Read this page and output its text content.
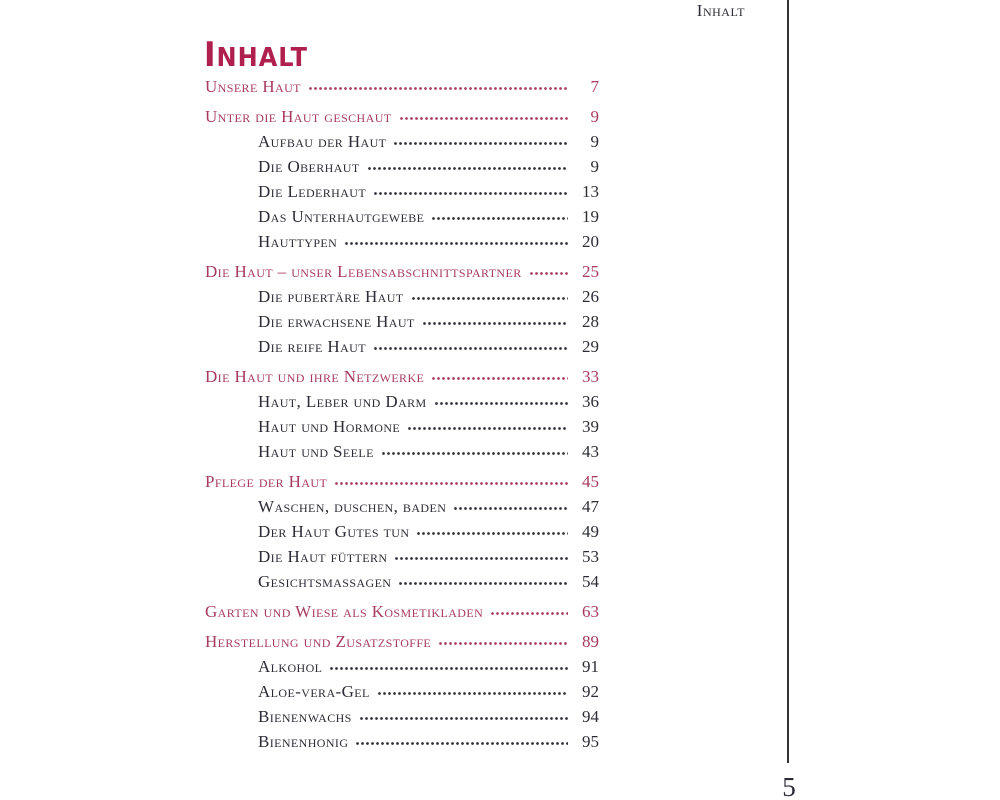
Inhalt
INHALT
Unsere Haut	7
Unter die Haut geschaut	9
Aufbau der Haut	9
Die Oberhaut	9
Die Lederhaut	13
Das Unterhautgewebe	19
Hauttypen	20
Die Haut – unser Lebensabschnittspartner	25
Die pubertäre Haut	26
Die erwachsene Haut	28
Die reife Haut	29
Die Haut und ihre Netzwerke	33
Haut, Leber und Darm	36
Haut und Hormone	39
Haut und Seele	43
Pflege der Haut	45
Waschen, duschen, baden	47
Der Haut Gutes tun	49
Die Haut füttern	53
Gesichtsmassagen	54
Garten und Wiese als Kosmetikladen	63
Herstellung und Zusatzstoffe	89
Alkohol	91
Aloe-vera-Gel	92
Bienenwachs	94
Bienenhonig	95
5
